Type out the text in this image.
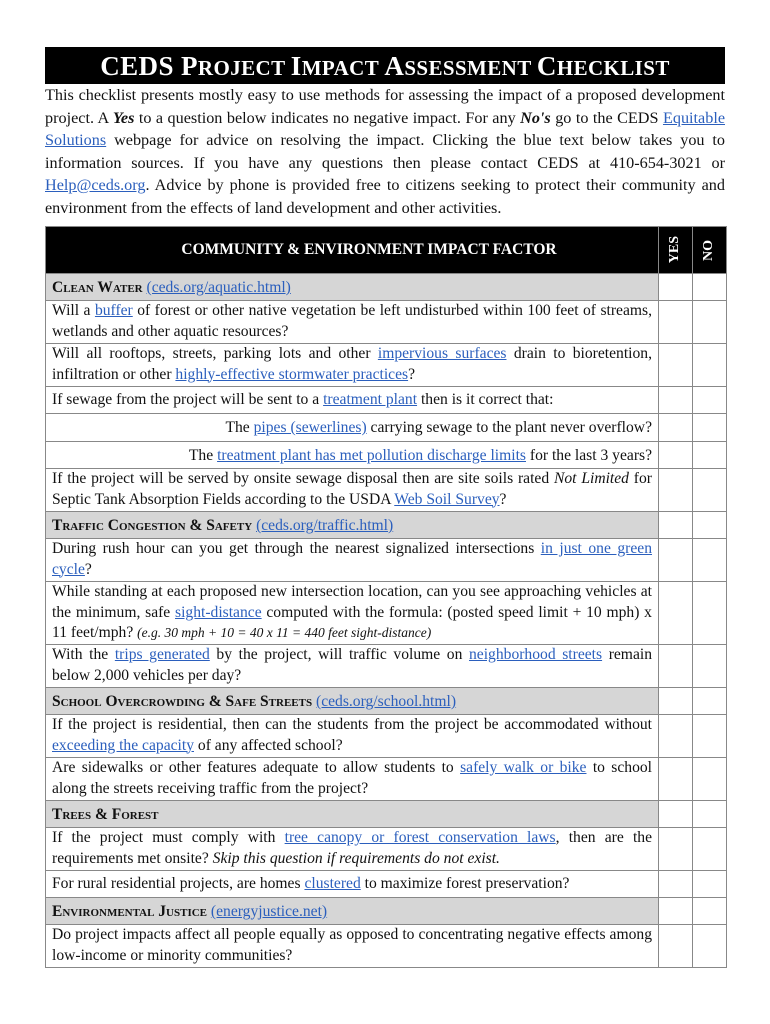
CEDS PROJECT IMPACT ASSESSMENT CHECKLIST
This checklist presents mostly easy to use methods for assessing the impact of a proposed development project. A Yes to a question below indicates no negative impact. For any No's go to the CEDS Equitable Solutions webpage for advice on resolving the impact. Clicking the blue text below takes you to information sources. If you have any questions then please contact CEDS at 410-654-3021 or Help@ceds.org. Advice by phone is provided free to citizens seeking to protect their community and environment from the effects of land development and other activities.
COMMUNITY & ENVIRONMENT IMPACT FACTOR	YES	NO

Clean Water (ceds.org/aquatic.html)		
Will a buffer of forest or other native vegetation be left undisturbed within 100 feet of streams, wetlands and other aquatic resources?		
Will all rooftops, streets, parking lots and other impervious surfaces drain to bioretention, infiltration or other highly-effective stormwater practices?		
If sewage from the project will be sent to a treatment plant then is it correct that:		
The pipes (sewerlines) carrying sewage to the plant never overflow?		
The treatment plant has met pollution discharge limits for the last 3 years?		
If the project will be served by onsite sewage disposal then are site soils rated Not Limited for Septic Tank Absorption Fields according to the USDA Web Soil Survey?		
Traffic Congestion & Safety (ceds.org/traffic.html)		
During rush hour can you get through the nearest signalized intersections in just one green cycle?		
While standing at each proposed new intersection location, can you see approaching vehicles at the minimum, safe sight-distance computed with the formula: (posted speed limit + 10 mph) x 11 feet/mph? (e.g. 30 mph + 10 = 40 x 11 = 440 feet sight-distance)		
With the trips generated by the project, will traffic volume on neighborhood streets remain below 2,000 vehicles per day?		
School Overcrowding & Safe Streets (ceds.org/school.html)		
If the project is residential, then can the students from the project be accommodated without exceeding the capacity of any affected school?		
Are sidewalks or other features adequate to allow students to safely walk or bike to school along the streets receiving traffic from the project?		
Trees & Forest		
If the project must comply with tree canopy or forest conservation laws, then are the requirements met onsite? Skip this question if requirements do not exist.		
For rural residential projects, are homes clustered to maximize forest preservation?		
Environmental Justice (energyjustice.net)		
Do project impacts affect all people equally as opposed to concentrating negative effects among low-income or minority communities?		
